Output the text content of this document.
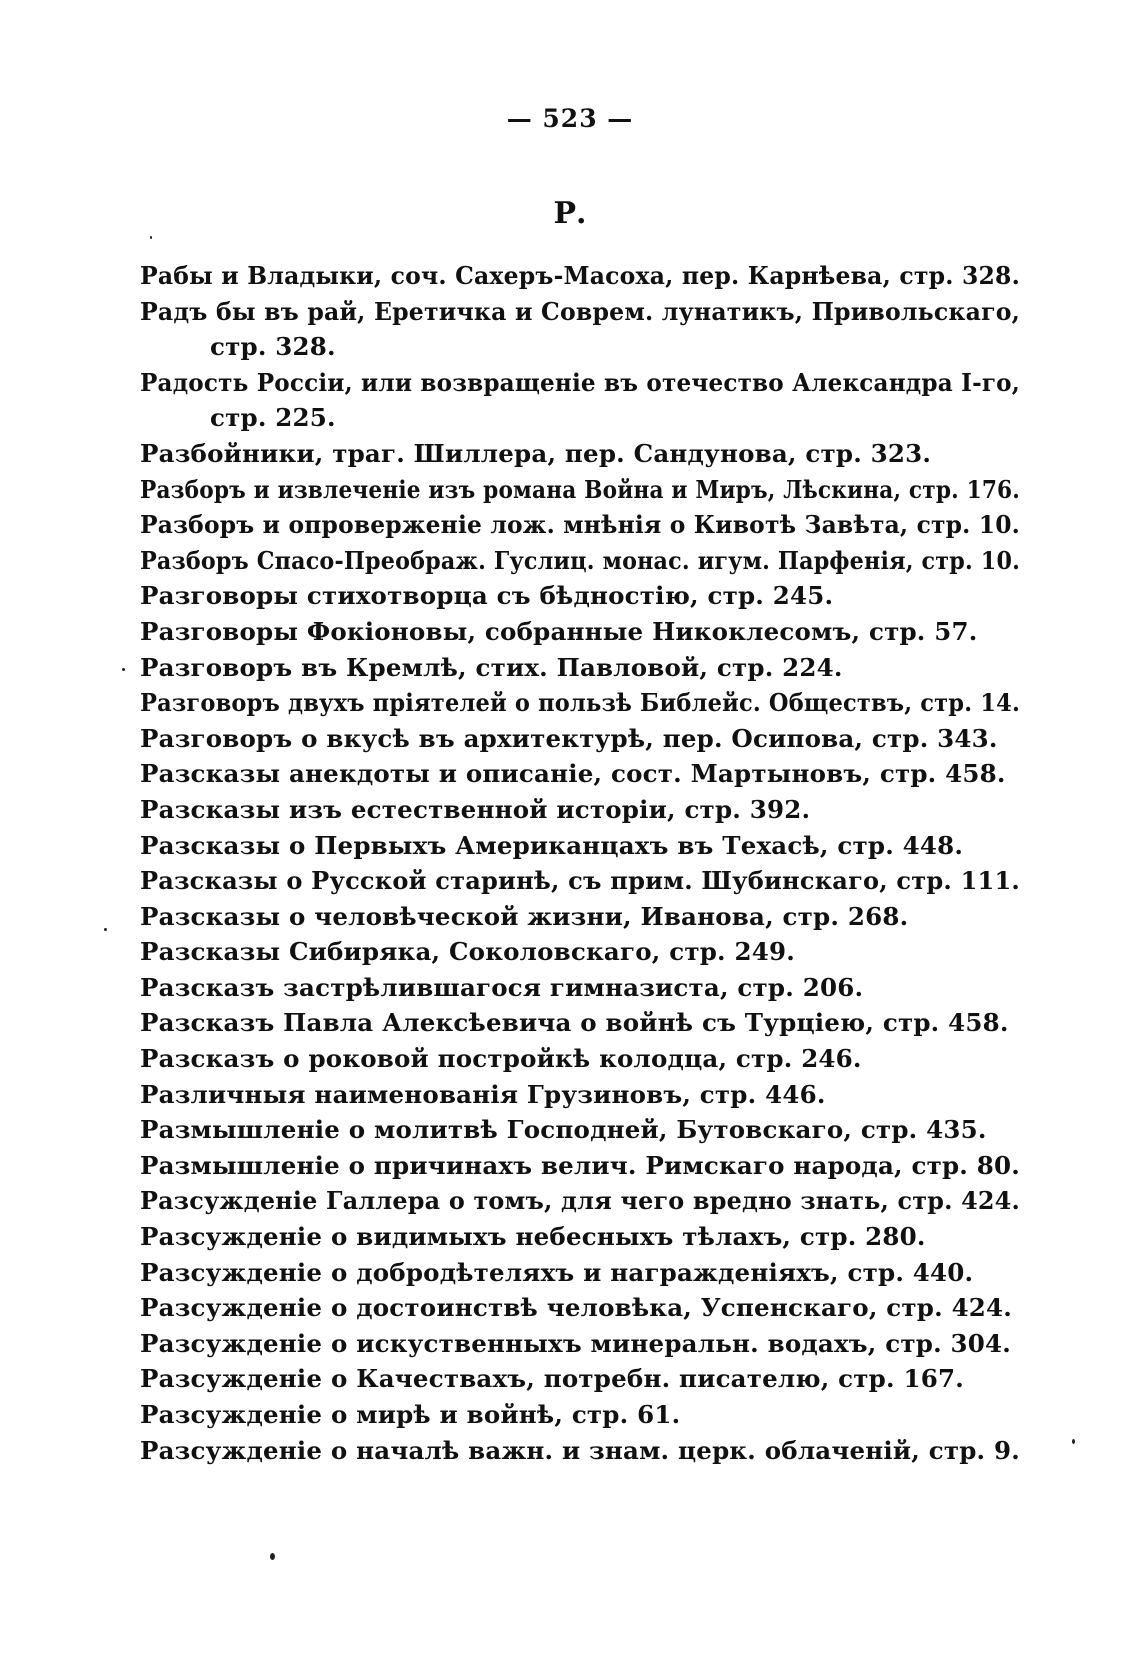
— 523 —
Р.
Рабы и Владыки, соч. Сахеръ-Масоха, пер. Карнѣева, стр. 328.
Радъ бы въ рай, Еретичка и Соврем. лунатикъ, Привольскаго,
стр. 328.
Радость Россіи, или возвращеніе въ отечество Александра І-го,
стр. 225.
Разбойники, траг. Шиллера, пер. Сандунова, стр. 323.
Разборъ и извлеченіе изъ романа Война и Миръ, Лѣскина, стр. 176.
Разборъ и опроверженіе лож. мнѣнія о Кивотѣ Завѣта, стр. 10.
Разборъ Спасо-Преображ. Гуслиц. монас. игум. Парфенія, стр. 10.
Разговоры стихотворца съ бѣдностію, стр. 245.
Разговоры Фокіоновы, собранные Никоклесомъ, стр. 57.
Разговоръ въ Кремлѣ, стих. Павловой, стр. 224.
Разговоръ двухъ пріятелей о пользѣ Библейс. Обществъ, стр. 14.
Разговоръ о вкусѣ въ архитектурѣ, пер. Осипова, стр. 343.
Разсказы анекдоты и описаніе, сост. Мартыновъ, стр. 458.
Разсказы изъ естественной исторіи, стр. 392.
Разсказы о Первыхъ Американцахъ въ Техасѣ, стр. 448.
Разсказы о Русской старинѣ, съ прим. Шубинскаго, стр. 111.
Разсказы о человѣческой жизни, Иванова, стр. 268.
Разсказы Сибиряка, Соколовскаго, стр. 249.
Разсказъ застрѣлившагося гимназиста, стр. 206.
Разсказъ Павла Алексѣевича о войнѣ съ Турціею, стр. 458.
Разсказъ о роковой постройкѣ колодца, стр. 246.
Различныя наименованія Грузиновъ, стр. 446.
Размышленіе о молитвѣ Господней, Бутовскаго, стр. 435.
Размышленіе о причинахъ велич. Римскаго народа, стр. 80.
Разсужденіе Галлера о томъ, для чего вредно знать, стр. 424.
Разсужденіе о видимыхъ небесныхъ тѣлахъ, стр. 280.
Разсужденіе о добродѣтеляхъ и награжденіяхъ, стр. 440.
Разсужденіе о достоинствѣ человѣка, Успенскаго, стр. 424.
Разсужденіе о искуственныхъ минеральн. водахъ, стр. 304.
Разсужденіе о Качествахъ, потребн. писателю, стр. 167.
Разсужденіе о мирѣ и войнѣ, стр. 61.
Разсужденіе о началѣ важн. и знам. церк. облаченій, стр. 9.
